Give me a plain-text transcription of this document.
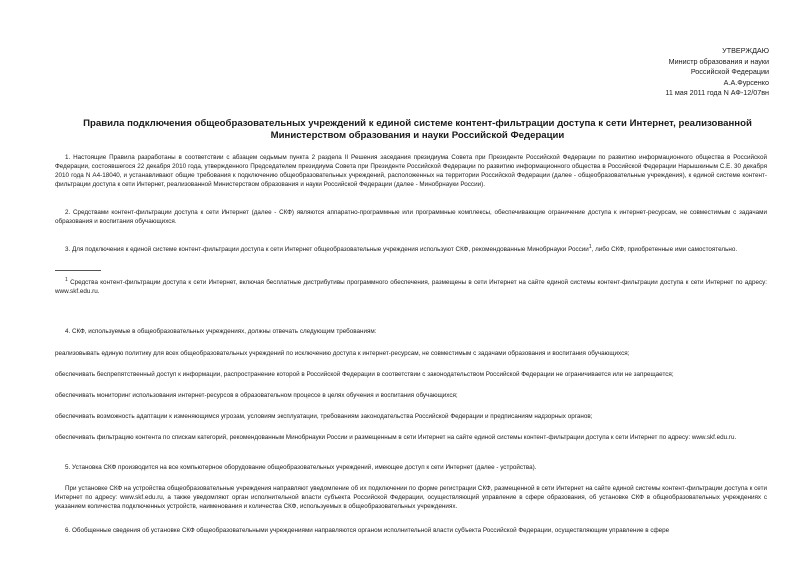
УТВЕРЖДАЮ
Министр образования и науки
Российской Федерации
А.А.Фурсенко
11 мая 2011 года N АФ-12/07вн
Правила подключения общеобразовательных учреждений к единой системе контент-фильтрации доступа к сети Интернет, реализованной Министерством образования и науки Российской Федерации
1. Настоящие Правила разработаны в соответствии с абзацем седьмым пункта 2 раздела II Решения заседания президиума Совета при Президенте Российской Федерации по развитию информационного общества в Российской Федерации, состоявшегося 22 декабря 2010 года, утвержденного Председателем президиума Совета при Президенте Российской Федерации по развитию информационного общества в Российской Федерации Нарышкиным С.Е. 30 декабря 2010 года N А4-18040, и устанавливают общие требования к подключению общеобразовательных учреждений, расположенных на территории Российской Федерации (далее - общеобразовательные учреждения), к единой системе контент-фильтрации доступа к сети Интернет, реализованной Министерством образования и науки Российской Федерации (далее - Минобрнауки России).
2. Средствами контент-фильтрации доступа к сети Интернет (далее - СКФ) являются аппаратно-программные или программные комплексы, обеспечивающие ограничение доступа к интернет-ресурсам, не совместимым с задачами образования и воспитания обучающихся.
3. Для подключения к единой системе контент-фильтрации доступа к сети Интернет общеобразовательные учреждения используют СКФ, рекомендованные Минобрнауки России$^1$, либо СКФ, приобретенные ими самостоятельно.
$^1$ Средства контент-фильтрации доступа к сети Интернет, включая бесплатные дистрибутивы программного обеспечения, размещены в сети Интернет на сайте единой системы контент-фильтрации доступа к сети Интернет по адресу: www.skf.edu.ru.
4. СКФ, используемые в общеобразовательных учреждениях, должны отвечать следующим требованиям:
реализовывать единую политику для всех общеобразовательных учреждений по исключению доступа к интернет-ресурсам, не совместимым с задачами образования и воспитания обучающихся;
обеспечивать беспрепятственный доступ к информации, распространение которой в Российской Федерации в соответствии с законодательством Российской Федерации не ограничивается или не запрещается;
обеспечивать мониторинг использования интернет-ресурсов в образовательном процессе в целях обучения и воспитания обучающихся;
обеспечивать возможность адаптации к изменяющимся угрозам, условиям эксплуатации, требованиям законодательства Российской Федерации и предписаниям надзорных органов;
обеспечивать фильтрацию контента по спискам категорий, рекомендованным Минобрнауки России и размещенным в сети Интернет на сайте единой системы контент-фильтрации доступа к сети Интернет по адресу: www.skf.edu.ru.
5. Установка СКФ производится на все компьютерное оборудование общеобразовательных учреждений, имеющее доступ к сети Интернет (далее - устройства).
При установке СКФ на устройства общеобразовательные учреждения направляют уведомление об их подключении по форме регистрации СКФ, размещенной в сети Интернет на сайте единой системы контент-фильтрации доступа к сети Интернет по адресу: www.skf.edu.ru, а также уведомляют орган исполнительной власти субъекта Российской Федерации, осуществляющий управление в сфере образования, об установке СКФ в общеобразовательных учреждениях с указанием количества подключенных устройств, наименования и количества СКФ, используемых в общеобразовательных учреждениях.
6. Обобщенные сведения об установке СКФ общеобразовательными учреждениями направляются органом исполнительной власти субъекта Российской Федерации, осуществляющим управление в сфере
